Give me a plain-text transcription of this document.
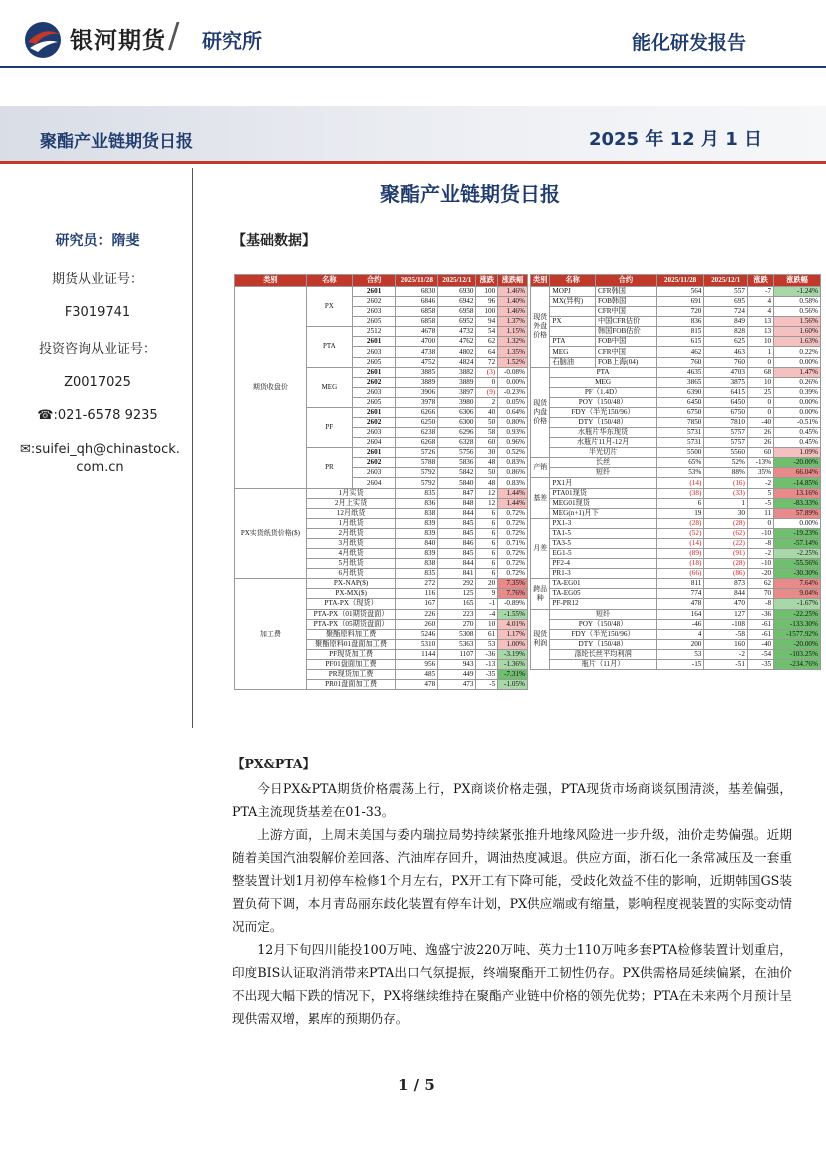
银河期货 / 研究所	能化研发报告
聚酯产业链期货日报	2025 年 12 月 1 日
研究员：隋斐
期货从业证号：
F3019741
投资咨询从业证号：
Z0017025
☎:021-6578 9235
✉:suifei_qh@chinastock.com.cn
聚酯产业链期货日报
【基础数据】
类别	名称	合约	2025/11/28	2025/12/1	涨跌	涨跌幅
期货收盘价	PX	2601	6830	6930	100	1.46%
		2602	6846	6942	96	1.40%
		2603	6858	6958	100	1.46%
		2605	6858	6952	94	1.37%
	PTA	2512	4678	4732	54	1.15%
		2601	4700	4762	62	1.32%
		2603	4738	4802	64	1.35%
		2605	4752	4824	72	1.52%
	MEG	2601	3885	3882	(3)	-0.08%
		2602	3889	3889	0	0.00%
		2603	3906	3897	(9)	-0.23%
		2605	3978	3980	2	0.05%
	PF	2601	6266	6306	40	0.64%
		2602	6250	6300	50	0.80%
		2603	6238	6296	58	0.93%
		2604	6268	6328	60	0.96%
	PR	2601	5726	5756	30	0.52%
		2602	5788	5836	48	0.83%
		2603	5792	5842	50	0.86%
		2604	5792	5840	48	0.83%
PX实货纸货价格($)	1月实货		835	847	12	1.44%
	2月上实货		836	848	12	1.44%
	12月纸货		838	844	6	0.72%
	1月纸货		839	845	6	0.72%
	2月纸货		839	845	6	0.72%
	3月纸货		840	846	6	0.71%
	4月纸货		839	845	6	0.72%
	5月纸货		838	844	6	0.72%
	6月纸货		835	841	6	0.72%
加工费	PX-NAP($)		272	292	20	7.35%
	PX-MX($)		116	125	9	7.76%
	PTA-PX（现货）		167	165	-1	-0.89%
	PTA-PX（01期货盘面）		226	223	-4	-1.55%
	PTA-PX（05期货盘面）		260	270	10	4.01%
	聚酯原料加工费		5246	5308	61	1.17%
	聚酯原料01盘面加工费		5310	5363	53	1.00%
	PF现货加工费		1144	1107	-36	-3.19%
	PF01盘面加工费		956	943	-13	-1.36%
	PR现货加工费		485	449	-35	-7.31%
	PR01盘面加工费		478	473	-5	-1.05%
类别	名称	合约	2025/11/28	2025/12/1	涨跌	涨跌幅
现货外盘价格	MOPJ	CFR韩国	564	557	-7	-1.24%
	MX(异构)	FOB韩国	691	695	4	0.58%
		CFR中国	720	724	4	0.56%
	PX	中国CFR估价	836	849	13	1.56%
		韩国FOB估价	815	828	13	1.60%
	PTA	FOB中国	615	625	10	1.63%
	MEG	CFR中国	462	463	1	0.22%
	石脑油	FOB上海(04)	760	760	0	0.00%
现货内盘价格	PTA		4635	4703	68	1.47%
	MEG		3865	3875	10	0.26%
	PF（1.4D）		6390	6415	25	0.39%
	POY（150/48）		6450	6450	0	0.00%
	FDY（半光150/96）		6750	6750	0	0.00%
	DTY（150/48）		7850	7810	-40	-0.51%
	水瓶片华东现货		5731	5757	26	0.45%
	水瓶片11月-12月		5731	5757	26	0.45%
	半光切片		5500	5560	60	1.09%
产销	长丝		65%	52%	-13%	-20.00%
	短纤		53%	88%	35%	66.04%
基差	PX1月		(14)	(16)	-2	-14.85%
	PTA01现货		(38)	(33)	5	13.16%
	MEG01现货		6	1	-5	-83.33%
	MEG(n+1)月下		19	30	11	57.89%
月差	PX1-3		(28)	(28)	0	0.00%
	TA1-5		(52)	(62)	-10	-19.23%
	TA3-5		(14)	(22)	-8	-57.14%
	EG1-5		(89)	(91)	-2	-2.25%
	PF2-4		(18)	(28)	-10	-55.56%
	PR1-3		(66)	(86)	-20	-30.30%
跨品种	TA-EG01		811	873	62	7.64%
	TA-EG05		774	844	70	9.04%
	PF-PR12		478	470	-8	-1.67%
现货利润	短纤		164	127	-36	-22.25%
	POY（150/48）		-46	-108	-61	-133.30%
	FDY（半光150/96）		4	-58	-61	-1577.92%
	DTY（150/48）		200	160	-40	-20.00%
	涤纶长丝平均利润		53	-2	-54	-103.25%
	瓶片（11月）		-15	-51	-35	-234.76%
【PX&PTA】
今日PX&PTA期货价格震荡上行，PX商谈价格走强，PTA现货市场商谈氛围清淡，基差偏强，PTA主流现货基差在01-33。
上游方面，上周末美国与委内瑞拉局势持续紧张推升地缘风险进一步升级，油价走势偏强。近期随着美国汽油裂解价差回落、汽油库存回升，调油热度减退。供应方面，浙石化一条常减压及一套重整装置计划1月初停车检修1个月左右，PX开工有下降可能，受歧化效益不佳的影响，近期韩国GS装置负荷下调，本月青岛丽东歧化装置有停车计划，PX供应端或有缩量，影响程度视装置的实际变动情况而定。
12月下旬四川能投100万吨、逸盛宁波220万吨、英力士110万吨多套PTA检修装置计划重启，印度BIS认证取消消带来PTA出口气氛提振，终端聚酯开工韧性仍存。PX供需格局延续偏紧，在油价不出现大幅下跌的情况下，PX将继续维持在聚酯产业链中价格的领先优势；PTA在未来两个月预计呈现供需双增，累库的预期仍存。
1 / 5
